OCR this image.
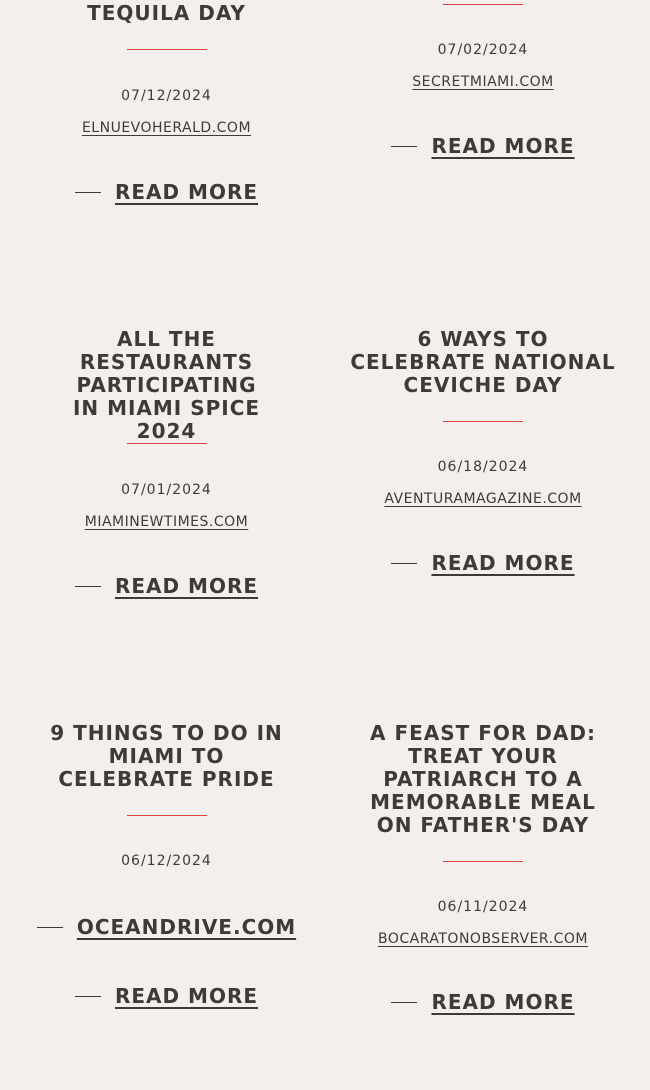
TEQUILA DAY
07/12/2024
ELNUEVOHERALD.COM
READ MORE
07/02/2024
SECRETMIAMI.COM
READ MORE
ALL THE RESTAURANTS PARTICIPATING IN MIAMI SPICE 2024
07/01/2024
MIAMINEWTIMES.COM
READ MORE
6 WAYS TO CELEBRATE NATIONAL CEVICHE DAY
06/18/2024
AVENTURAMAGAZINE.COM
READ MORE
9 THINGS TO DO IN MIAMI TO CELEBRATE PRIDE
06/12/2024
OCEANDRIVE.COM
READ MORE
A FEAST FOR DAD: TREAT YOUR PATRIARCH TO A MEMORABLE MEAL ON FATHER'S DAY
06/11/2024
BOCARATONOBSERVER.COM
READ MORE
